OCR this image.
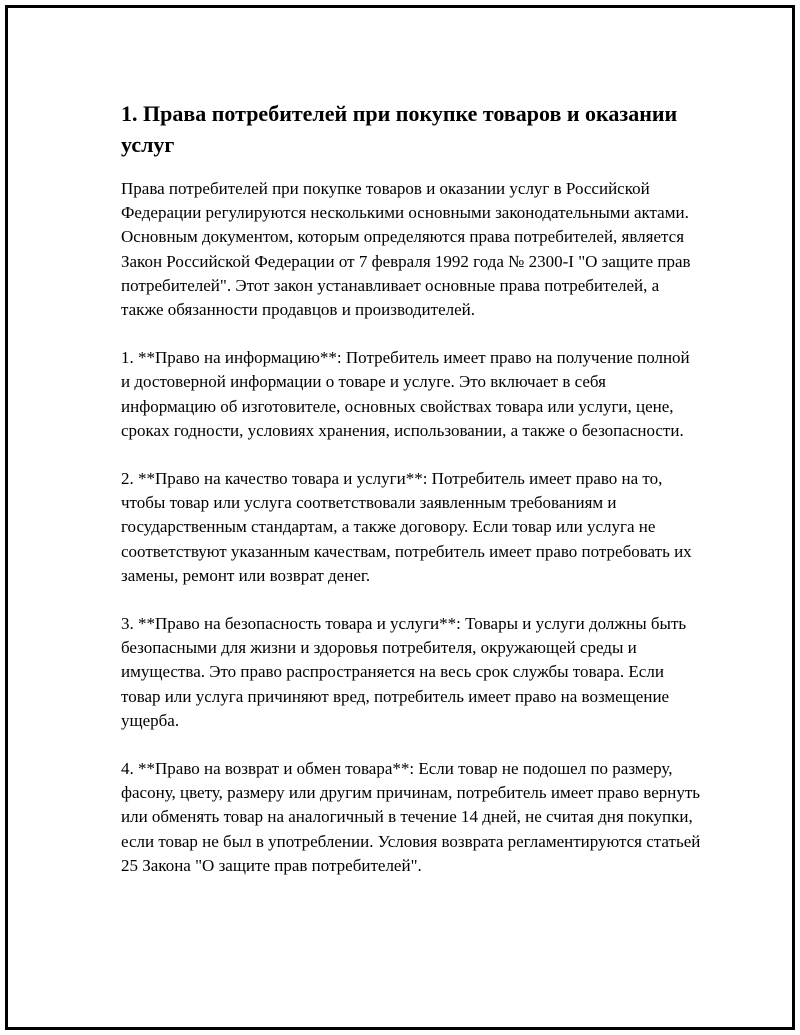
1. Права потребителей при покупке товаров и оказании услуг

Права потребителей при покупке товаров и оказании услуг в Российской Федерации регулируются несколькими основными законодательными актами. Основным документом, которым определяются права потребителей, является Закон Российской Федерации от 7 февраля 1992 года № 2300-I "О защите прав потребителей". Этот закон устанавливает основные права потребителей, а также обязанности продавцов и производителей.

1. **Право на информацию**: Потребитель имеет право на получение полной и достоверной информации о товаре и услуге. Это включает в себя информацию об изготовителе, основных свойствах товара или услуги, цене, сроках годности, условиях хранения, использовании, а также о безопасности.

2. **Право на качество товара и услуги**: Потребитель имеет право на то, чтобы товар или услуга соответствовали заявленным требованиям и государственным стандартам, а также договору. Если товар или услуга не соответствуют указанным качествам, потребитель имеет право потребовать их замены, ремонт или возврат денег.

3. **Право на безопасность товара и услуги**: Товары и услуги должны быть безопасными для жизни и здоровья потребителя, окружающей среды и имущества. Это право распространяется на весь срок службы товара. Если товар или услуга причиняют вред, потребитель имеет право на возмещение ущерба.

4. **Право на возврат и обмен товара**: Если товар не подошел по размеру, фасону, цвету, размеру или другим причинам, потребитель имеет право вернуть или обменять товар на аналогичный в течение 14 дней, не считая дня покупки, если товар не был в употреблении. Условия возврата регламентируются статьей 25 Закона "О защите прав потребителей".
